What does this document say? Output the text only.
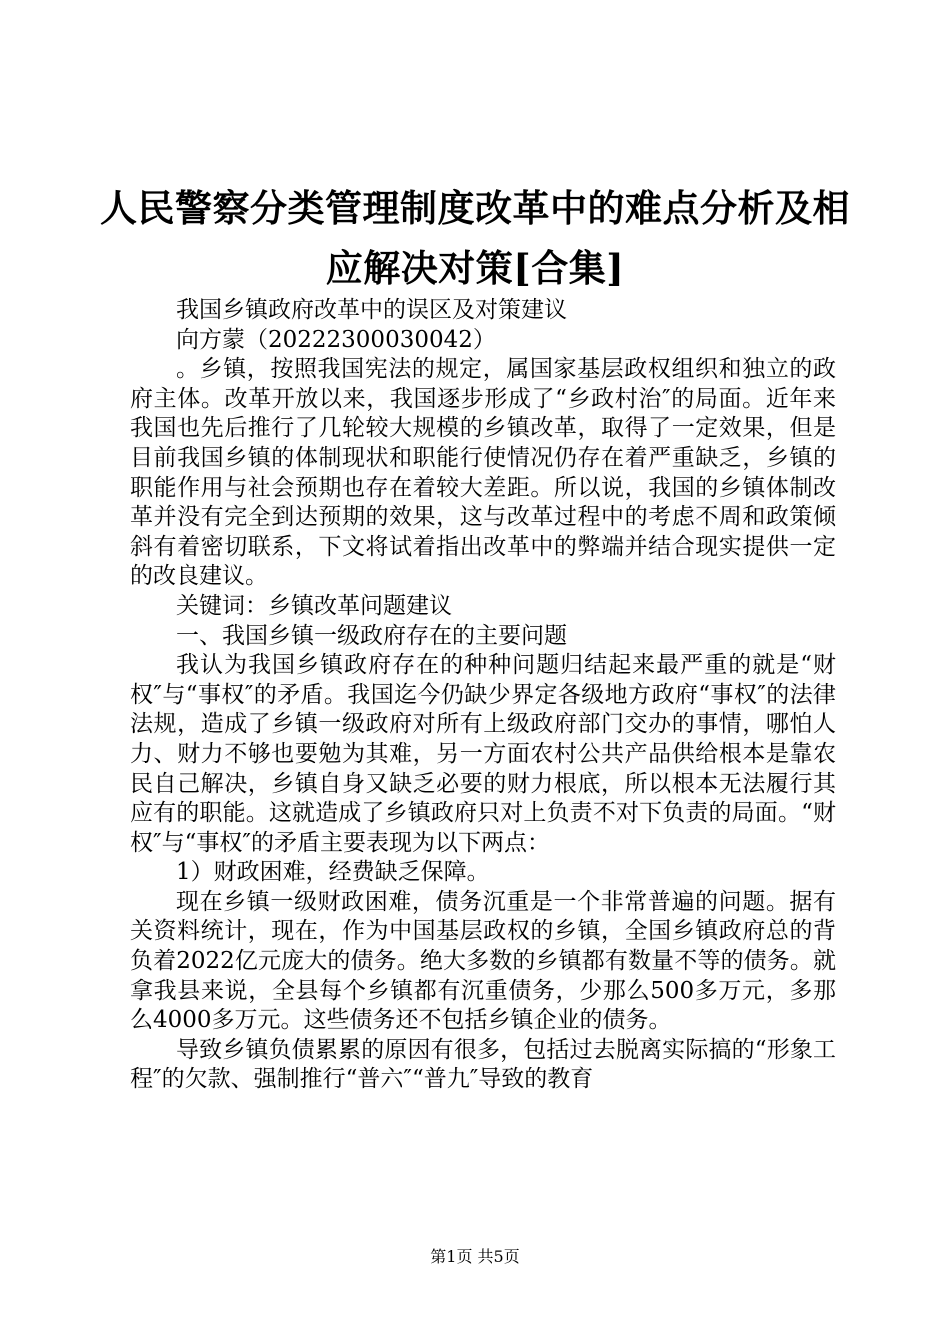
人民警察分类管理制度改革中的难点分析及相应解决对策[合集]

我国乡镇政府改革中的误区及对策建议

向方蒙（20222300030042）

。乡镇，按照我国宪法的规定，属国家基层政权组织和独立的政府主体。改革开放以来，我国逐步形成了“乡政村治″的局面。近年来我国也先后推行了几轮较大规模的乡镇改革，取得了一定效果，但是目前我国乡镇的体制现状和职能行使情况仍存在着严重缺乏，乡镇的职能作用与社会预期也存在着较大差距。所以说，我国的乡镇体制改革并没有完全到达预期的效果，这与改革过程中的考虑不周和政策倾斜有着密切联系，下文将试着指出改革中的弊端并结合现实提供一定的改良建议。

关键词：乡镇改革问题建议

一、我国乡镇一级政府存在的主要问题

我认为我国乡镇政府存在的种种问题归结起来最严重的就是“财权″与“事权″的矛盾。我国迄今仍缺少界定各级地方政府“事权″的法律法规，造成了乡镇一级政府对所有上级政府部门交办的事情，哪怕人力、财力不够也要勉为其难，另一方面农村公共产品供给根本是靠农民自己解决，乡镇自身又缺乏必要的财力根底，所以根本无法履行其应有的职能。这就造成了乡镇政府只对上负责不对下负责的局面。“财权″与“事权″的矛盾主要表现为以下两点：

1）财政困难，经费缺乏保障。

现在乡镇一级财政困难，债务沉重是一个非常普遍的问题。据有关资料统计，现在，作为中国基层政权的乡镇，全国乡镇政府总的背负着2022亿元庞大的债务。绝大多数的乡镇都有数量不等的债务。就拿我县来说，全县每个乡镇都有沉重债务，少那么500多万元，多那么4000多万元。这些债务还不包括乡镇企业的债务。

导致乡镇负债累累的原因有很多，包括过去脱离实际搞的“形象工程″的欠款、强制推行“普六″“普九″导致的教育

第1页 共5页
